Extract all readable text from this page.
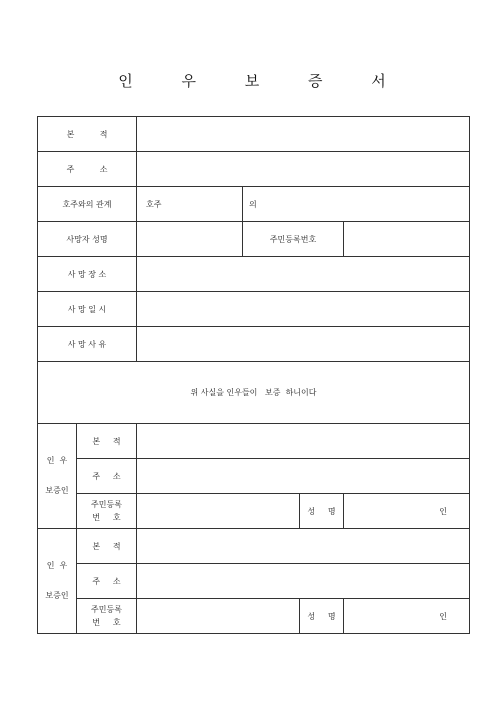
인 우 보 증 서
본          적					
주          소					
호주와의 관계		호주	의		
사망자 성명			주민등록번호		
사 망 장 소					
사 망 일 시					
사 망 사 유					
위 사실을 인우들이   보증  하니이다					

인  우
보증인	본     적				
	주     소				

	주민등록
번     호			성     명	인

인  우
보증인	본     적				
	주     소				

	주민등록
번     호			성     명	인
